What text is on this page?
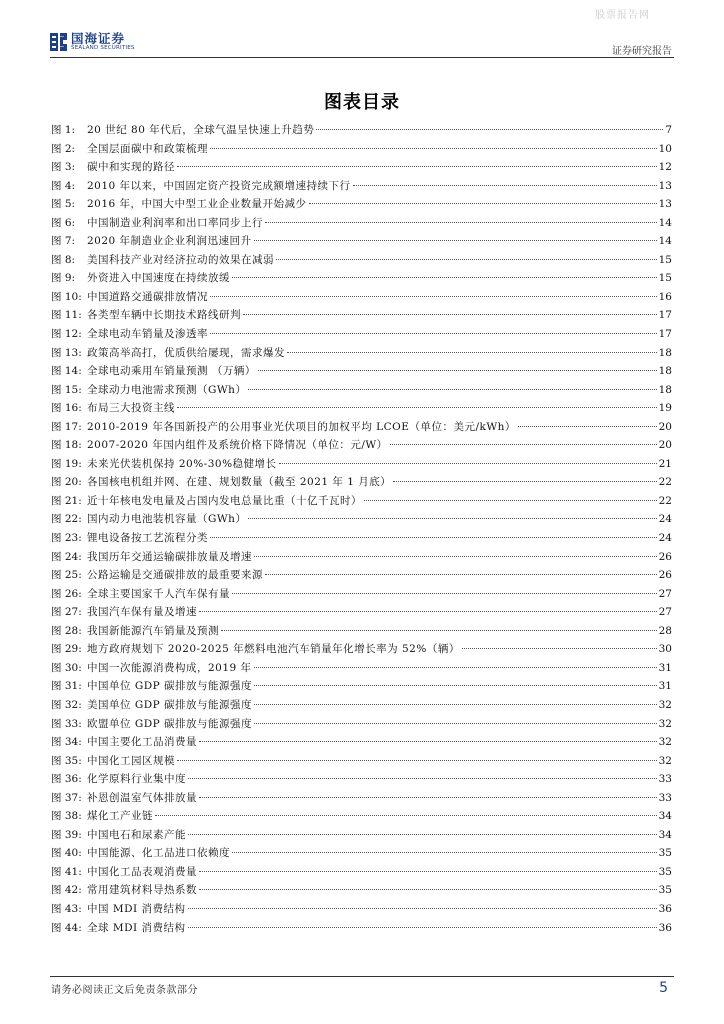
股票报告网
国海证券
SEALAND SECURITIES	证券研究报告
图表目录
图 1:	20 世纪 80 年代后，全球气温呈快速上升趋势	7
图 2:	全国层面碳中和政策梳理	10
图 3:	碳中和实现的路径	12
图 4:	2010 年以来，中国固定资产投资完成额增速持续下行	13
图 5:	2016 年，中国大中型工业企业数量开始减少	13
图 6:	中国制造业利润率和出口率同步上行	14
图 7:	2020 年制造业企业利润迅速回升	14
图 8:	美国科技产业对经济拉动的效果在减弱	15
图 9:	外资进入中国速度在持续放缓	15
图 10: 中国道路交通碳排放情况	16
图 11: 各类型车辆中长期技术路线研判	17
图 12: 全球电动车销量及渗透率	17
图 13: 政策高举高打，优质供给屡现，需求爆发	18
图 14: 全球电动乘用车销量预测 （万辆）	18
图 15: 全球动力电池需求预测（GWh）	18
图 16: 布局三大投资主线	19
图 17: 2010-2019 年各国新投产的公用事业光伏项目的加权平均 LCOE（单位：美元/kWh）	20
图 18: 2007-2020 年国内组件及系统价格下降情况（单位：元/W）	20
图 19: 未来光伏装机保持 20%-30%稳健增长	21
图 20: 各国核电机组并网、在建、规划数量（截至 2021 年 1 月底）	22
图 21: 近十年核电发电量及占国内发电总量比重（十亿千瓦时）	22
图 22: 国内动力电池装机容量（GWh）	24
图 23: 锂电设备按工艺流程分类	24
图 24: 我国历年交通运输碳排放量及增速	26
图 25: 公路运输是交通碳排放的最重要来源	26
图 26: 全球主要国家千人汽车保有量	27
图 27: 我国汽车保有量及增速	27
图 28: 我国新能源汽车销量及预测	28
图 29: 地方政府规划下 2020-2025 年燃料电池汽车销量年化增长率为 52%（辆）	30
图 30: 中国一次能源消费构成，2019 年	31
图 31: 中国单位 GDP 碳排放与能源强度	31
图 32: 美国单位 GDP 碳排放与能源强度	32
图 33: 欧盟单位 GDP 碳排放与能源强度	32
图 34: 中国主要化工品消费量	32
图 35: 中国化工园区规模	32
图 36: 化学原料行业集中度	33
图 37: 补恩创温室气体排放量	33
图 38: 煤化工产业链	34
图 39: 中国电石和尿素产能	34
图 40: 中国能源、化工品进口依赖度	35
图 41: 中国化工品表观消费量	35
图 42: 常用建筑材料导热系数	35
图 43: 中国 MDI 消费结构	36
图 44: 全球 MDI 消费结构	36
请务必阅读正文后免责条款部分	5
